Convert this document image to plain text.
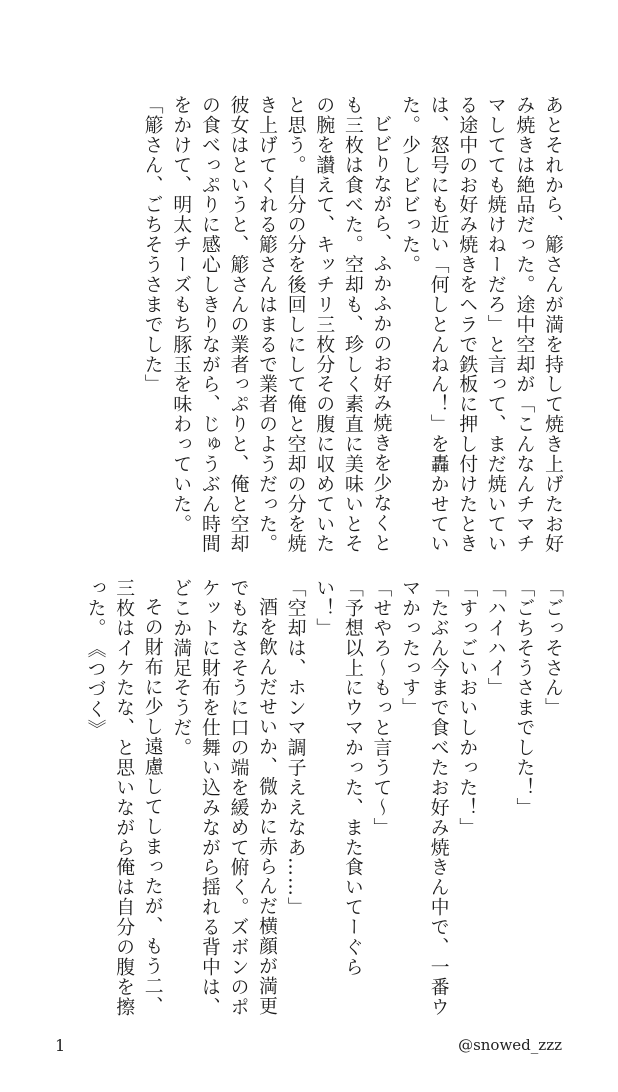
あとそれから、簓さんが満を持して焼き上げたお好み焼きは絶品だった。途中空却が「こんなんチマチマしてても焼けねーだろ」と言って、まだ焼いている途中のお好み焼きをヘラで鉄板に押し付けたときは、怒号にも近い「何しとんねん！」を轟かせていた。少しビビった。

ビビりながら、ふかふかのお好み焼きを少なくとも三枚は食べた。空却も、珍しく素直に美味いとその腕を讃えて、キッチリ三枚分その腹に収めていたと思う。自分の分を後回しにして俺と空却の分を焼き上げてくれる簓さんはまるで業者のようだった。彼女はというと、簓さんの業者っぷりと、俺と空却の食べっぷりに感心しきりながら、じゅうぶん時間をかけて、明太チーズもち豚玉を味わっていた。

「簓さん、ごちそうさまでした」

「ごっそさん」

「ごちそうさまでした！」

「ハイハイ」

「すっごいおいしかった！」

「たぶん今まで食べたお好み焼きん中で、一番ウマかったっす」

「せやろ〜もっと言うて〜」

「予想以上にウマかった、また食いてーぐらい！」

「空却は、ホンマ調子ええなあ……」

酒を飲んだせいか、微かに赤らんだ横顔が満更でもなさそうに口の端を緩めて俯く。ズボンのポケットに財布を仕舞い込みながら揺れる背中は、どこか満足そうだ。

その財布に少し遠慮してしまったが、もう二、三枚はイケたな、と思いながら俺は自分の腹を擦った。　《つづく》

1	@snowed_zzz
